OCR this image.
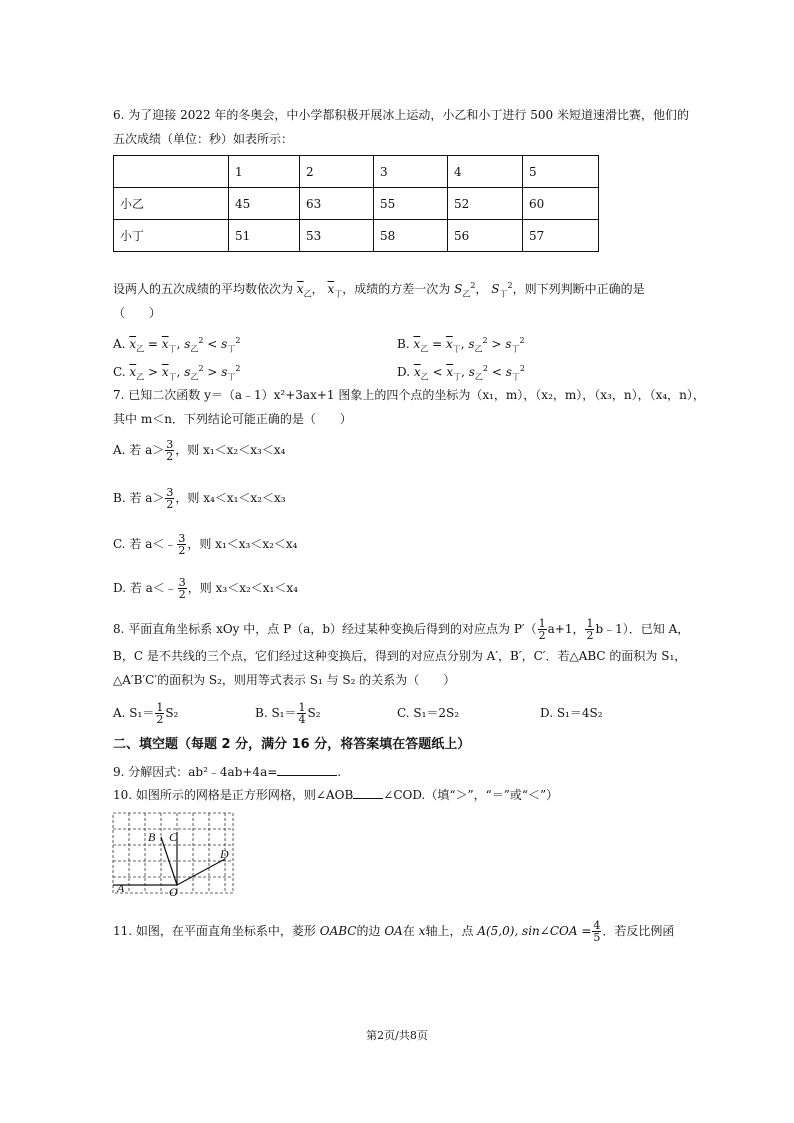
6. 为了迎接 2022 年的冬奥会，中小学都积极开展冰上运动，小乙和小丁进行 500 米短道速滑比赛，他们的
五次成绩（单位：秒）如表所示：
	1	2	3	4	5
小乙	45	63	55	52	60
小丁	51	53	58	56	57
设两人的五次成绩的平均数依次为 $\overline{x}_乙$， $\overline{x}_丁$，成绩的方差一次为 $S_乙^2$， $S_丁^2$，则下列判断中正确的是
（　　）
A. $\overline{x}_乙 = \overline{x}_丁$, $s_乙^2 < s_丁^2$	B. $\overline{x}_乙 = \overline{x}_丁$, $s_乙^2 > s_丁^2$
C. $\overline{x}_乙 > \overline{x}_丁$, $s_乙^2 > s_丁^2$	D. $\overline{x}_乙 < \overline{x}_丁$, $s_乙^2 < s_丁^2$
7. 已知二次函数 y＝（a﹣1）x²+3ax+1 图象上的四个点的坐标为（x₁，m），（x₂，m），（x₃，n），（x₄，n），
其中 m＜n．下列结论可能正确的是（　　）
A. 若 $a> \frac{3}{2}$ ，则 x₁＜x₂＜x₃＜x₄
B. 若 $a> \frac{3}{2}$ ，则 x₄＜x₁＜x₂＜x₃
C. 若 a＜﹣ $\frac{3}{2}$ ，则 x₁＜x₃＜x₂＜x₄
D. 若 a＜﹣ $\frac{3}{2}$ ，则 x₃＜x₂＜x₁＜x₄
8. 平面直角坐标系 xOy 中，点 P（a，b）经过某种变换后得到的对应点为 $P'( \frac{1}{2} a+1$， $\frac{1}{2}$ b﹣1）．已知 A，
B，C 是不共线的三个点，它们经过这种变换后，得到的对应点分别为 A′，B′，C′．若△ABC 的面积为 S₁，
△A′B′C′的面积为 S₂，则用等式表示 S₁ 与 S₂ 的关系为（　　）
A. $S_1= \frac{1}{2} S_2$	B. $S_1= \frac{1}{4} S_2$	C. S₁＝2S₂	D. S₁＝4S₂
二、填空题（每题 2 分，满分 16 分，将答案填在答题纸上）
9. 分解因式：ab²﹣4ab+4a=	.
10. 如图所示的网格是正方形网格，则∠AOB	∠COD.（填“＞”，“＝”或“＜”）
A
B C
D
O
11. 如图，在平面直角坐标系中，菱形 OABC的边 OA在 x轴上，点 A(5,0), sin∠COA = $\frac{4}{5}$ ．若反比例函
第2页/共8页
